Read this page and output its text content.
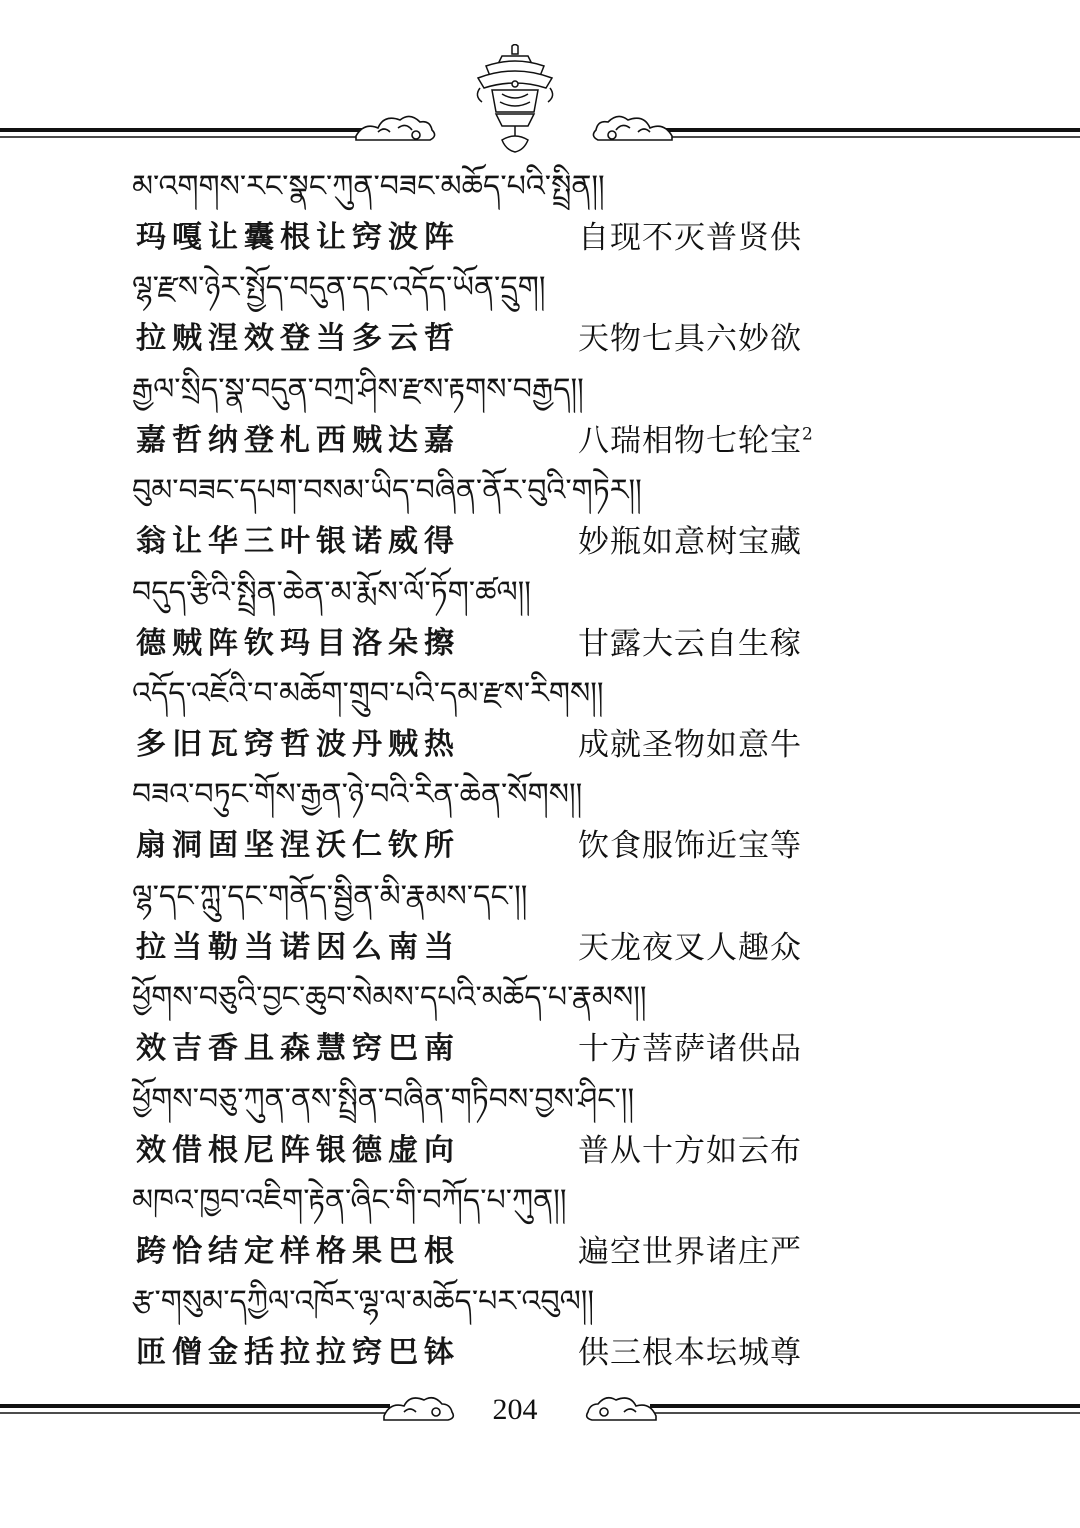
མ་འགགས་རང་སྣང་ཀུན་བཟང་མཆོད་པའི་སྤྲིན།།
玛嘎让囊根让窍波阵	自现不灭普贤供
ལྷ་རྫས་ཉེར་སྤྱོད་བདུན་དང་འདོད་ཡོན་དྲུག།
拉贼涅效登当多云哲	天物七具六妙欲
རྒྱལ་སྲིད་སྣ་བདུན་བཀྲ་ཤིས་རྫས་རྟགས་བརྒྱད།།
嘉哲纳登札西贼达嘉	八瑞相物七轮宝$^2$
བུམ་བཟང་དཔག་བསམ་ཡིད་བཞིན་ནོར་བུའི་གཏེར།།
翁让华三叶银诺威得	妙瓶如意树宝藏
བདུད་རྩིའི་སྤྲིན་ཆེན་མ་རྨོས་ལོ་ཏོག་ཚལ།།
德贼阵钦玛目洛朵擦	甘露大云自生稼
འདོད་འཇོའི་བ་མཆོག་གྲུབ་པའི་དམ་རྫས་རིགས།།
多旧瓦窍哲波丹贼热	成就圣物如意牛
བཟའ་བཏུང་གོས་རྒྱན་ཉེ་བའི་རིན་ཆེན་སོགས།།
扇洞固坚涅沃仁钦所	饮食服饰近宝等
ལྷ་དང་ཀླུ་དང་གནོད་སྦྱིན་མི་རྣམས་དང་།།
拉当勒当诺因么南当	天龙夜叉人趣众
ཕྱོགས་བཅུའི་བྱང་ཆུབ་སེམས་དཔའི་མཆོད་པ་རྣམས།།
效吉香且森慧窍巴南	十方菩萨诸供品
ཕྱོགས་བཅུ་ཀུན་ནས་སྤྲིན་བཞིན་གཏིབས་བྱས་ཤིང་།།
效借根尼阵银德虚向	普从十方如云布
མཁའ་ཁྱབ་འཇིག་རྟེན་ཞིང་གི་བཀོད་པ་ཀུན།།
跨恰结定样格果巴根	遍空世界诸庄严
རྩ་གསུམ་དཀྱིལ་འཁོར་ལྷ་ལ་མཆོད་པར་འབུལ།།
匝僧金括拉拉窍巴钵	供三根本坛城尊
204
